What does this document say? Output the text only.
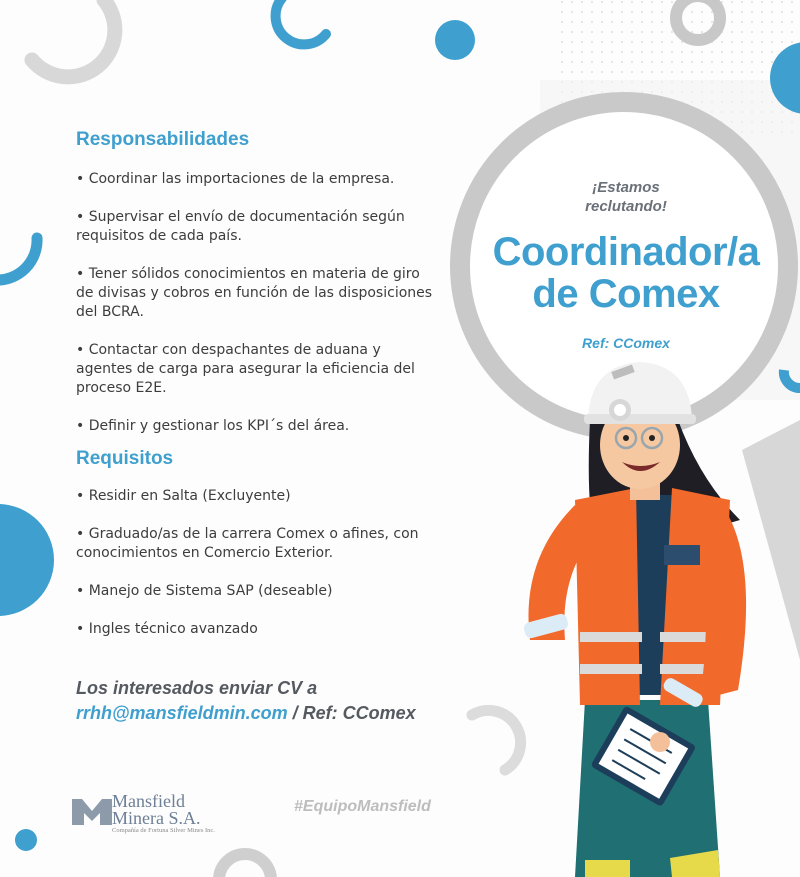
¡Estamos
reclutando!
Coordinador/a
de Comex
Ref: CComex
Responsabilidades
• Coordinar las importaciones de la empresa.
• Supervisar el envío de documentación según requisitos de cada país.
• Tener sólidos conocimientos en materia de giro de divisas y cobros en función de las disposiciones del BCRA.
• Contactar con despachantes de aduana y agentes de carga para asegurar la eficiencia del proceso E2E.
• Definir y gestionar los KPI´s del área.
Requisitos
• Residir en Salta (Excluyente)
• Graduado/as de la carrera Comex o afines, con conocimientos en Comercio Exterior.
• Manejo de Sistema SAP (deseable)
• Ingles técnico avanzado
Los interesados enviar CV a
rrhh@mansfieldmin.com / Ref: CComex
Mansfield
Minera S.A.
Compañía de Fortuna Silver Mines Inc.
#EquipoMansfield
